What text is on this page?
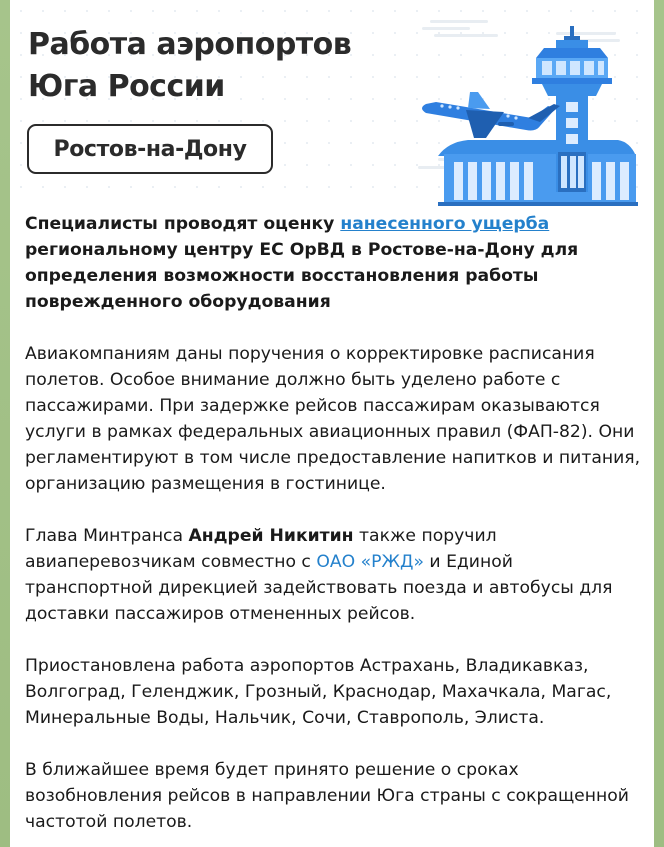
Работа аэропортов
Юга России
Ростов-на-Дону

Специалисты проводят оценку нанесенного ущерба региональному центру ЕС ОрВД в Ростове-на-Дону для определения возможности восстановления работы поврежденного оборудования

Авиакомпаниям даны поручения о корректировке расписания полетов. Особое внимание должно быть уделено работе с пассажирами. При задержке рейсов пассажирам оказываются услуги в рамках федеральных авиационных правил (ФАП-82). Они регламентируют в том числе предоставление напитков и питания, организацию размещения в гостинице.

Глава Минтранса Андрей Никитин также поручил авиаперевозчикам совместно с ОАО «РЖД» и Единой транспортной дирекцией задействовать поезда и автобусы для доставки пассажиров отмененных рейсов.

Приостановлена работа аэропортов Астрахань, Владикавказ, Волгоград, Геленджик, Грозный, Краснодар, Махачкала, Магас, Минеральные Воды, Нальчик, Сочи, Ставрополь, Элиста.

В ближайшее время будет принято решение о сроках возобновления рейсов в направлении Юга страны с сокращенной частотой полетов.
